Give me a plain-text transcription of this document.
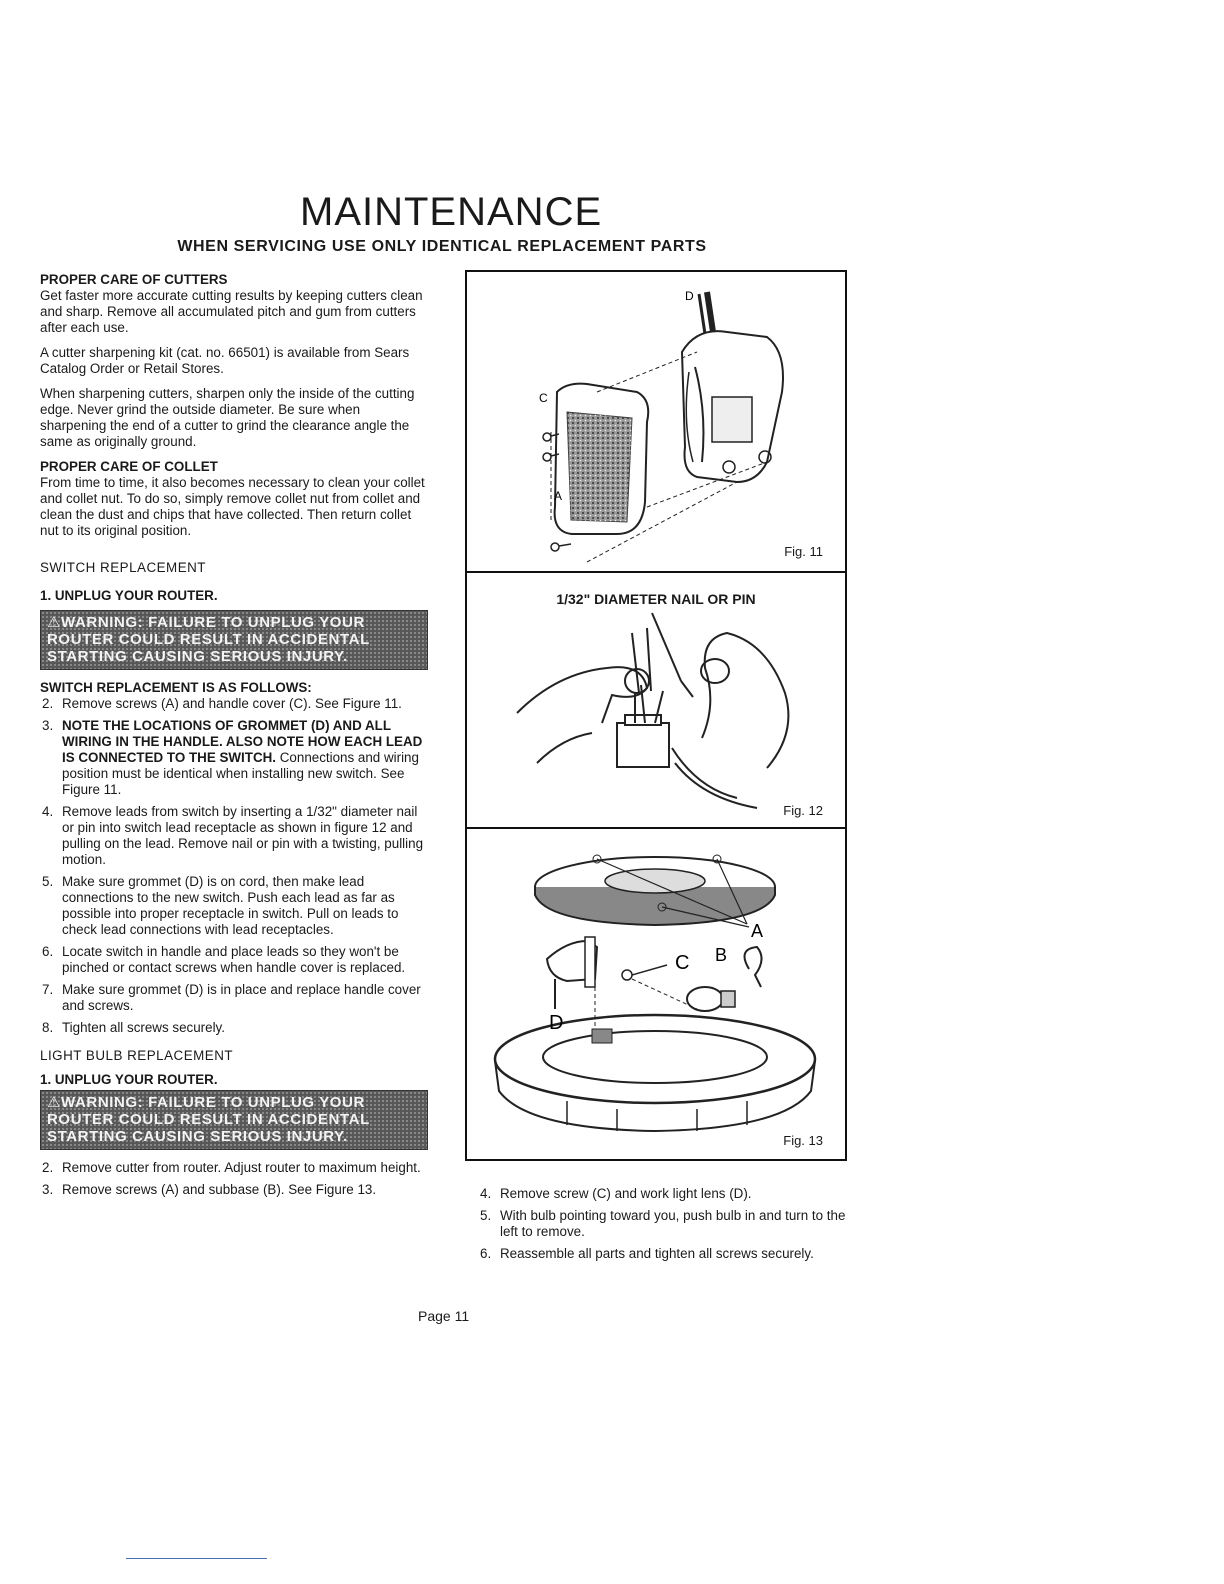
MAINTENANCE
WHEN SERVICING USE ONLY IDENTICAL REPLACEMENT PARTS
PROPER CARE OF CUTTERS

Get faster more accurate cutting results by keeping cutters clean and sharp. Remove all accumulated pitch and gum from cutters after each use.

A cutter sharpening kit (cat. no. 66501) is available from Sears Catalog Order or Retail Stores.

When sharpening cutters, sharpen only the inside of the cutting edge. Never grind the outside diameter. Be sure when sharpening the end of a cutter to grind the clearance angle the same as originally ground.

PROPER CARE OF COLLET

From time to time, it also becomes necessary to clean your collet and collet nut. To do so, simply remove collet nut from collet and clean the dust and chips that have collected. Then return collet nut to its original position.

SWITCH REPLACEMENT
1. UNPLUG YOUR ROUTER.
⚠WARNING: FAILURE TO UNPLUG YOUR ROUTER COULD RESULT IN ACCIDENTAL STARTING CAUSING SERIOUS INJURY.
SWITCH REPLACEMENT IS AS FOLLOWS:
2. Remove screws (A) and handle cover (C). See Figure 11.
3. NOTE THE LOCATIONS OF GROMMET (D) AND ALL WIRING IN THE HANDLE. ALSO NOTE HOW EACH LEAD IS CONNECTED TO THE SWITCH. Connections and wiring position must be identical when installing new switch. See Figure 11.
4. Remove leads from switch by inserting a 1/32" diameter nail or pin into switch lead receptacle as shown in figure 12 and pulling on the lead. Remove nail or pin with a twisting, pulling motion.
5. Make sure grommet (D) is on cord, then make lead connections to the new switch. Push each lead as far as possible into proper receptacle in switch. Pull on leads to check lead connections with lead receptacles.
6. Locate switch in handle and place leads so they won't be pinched or contact screws when handle cover is replaced.
7. Make sure grommet (D) is in place and replace handle cover and screws.
8. Tighten all screws securely.
LIGHT BULB REPLACEMENT
1. UNPLUG YOUR ROUTER.
⚠WARNING: FAILURE TO UNPLUG YOUR ROUTER COULD RESULT IN ACCIDENTAL STARTING CAUSING SERIOUS INJURY.
2. Remove cutter from router. Adjust router to maximum height.
3. Remove screws (A) and subbase (B). See Figure 13.
D
C
A
Fig. 11
1/32" DIAMETER NAIL OR PIN
Fig. 12
A
B
C
D
Fig. 13
4. Remove screw (C) and work light lens (D).
5. With bulb pointing toward you, push bulb in and turn to the left to remove.
6. Reassemble all parts and tighten all screws securely.
Page 11
